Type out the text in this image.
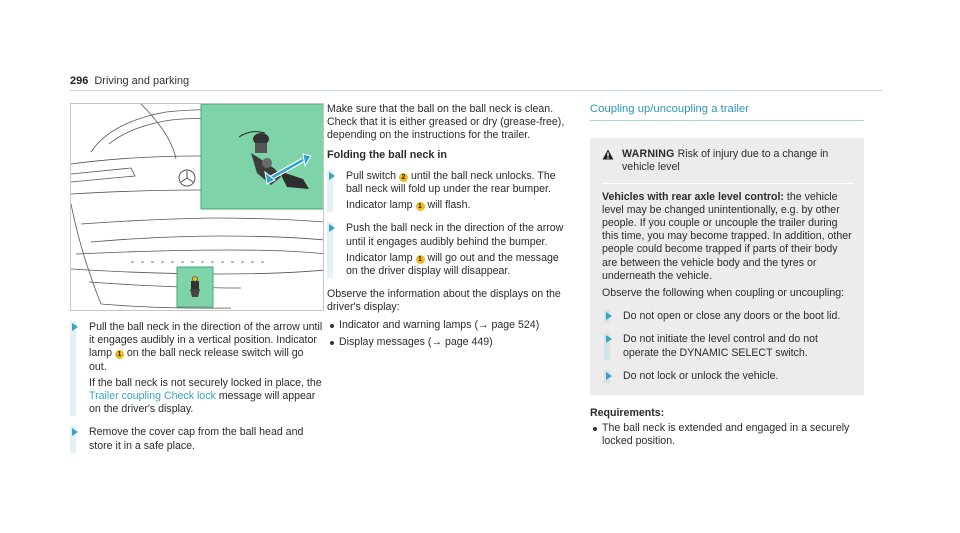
296 Driving and parking

Pull the ball neck in the direction of the arrow until it engages audibly in a vertical position. Indicator lamp 1 on the ball neck release switch will go out.

If the ball neck is not securely locked in place, the Trailer coupling Check lock message will appear on the driver's display.

Remove the cover cap from the ball head and store it in a safe place.

Make sure that the ball on the ball neck is clean. Check that it is either greased or dry (grease-free), depending on the instructions for the trailer.

Folding the ball neck in

Pull switch 2 until the ball neck unlocks. The ball neck will fold up under the rear bumper.

Indicator lamp 1 will flash.

Push the ball neck in the direction of the arrow until it engages audibly behind the bumper.

Indicator lamp 1 will go out and the message on the driver display will disappear.

Observe the information about the displays on the driver's display:

Indicator and warning lamps (→ page 524)
Display messages (→ page 449)
Coupling up/uncoupling a trailer
WARNING Risk of injury due to a change in vehicle level

Vehicles with rear axle level control: the vehicle level may be changed unintentionally, e.g. by other people. If you couple or uncouple the trailer during this time, you may become trapped. In addition, other people could become trapped if parts of their body are between the vehicle body and the tyres or underneath the vehicle.

Observe the following when coupling or uncoupling:

Do not open or close any doors or the boot lid.

Do not initiate the level control and do not operate the DYNAMIC SELECT switch.

Do not lock or unlock the vehicle.

Requirements:

The ball neck is extended and engaged in a securely locked position.
